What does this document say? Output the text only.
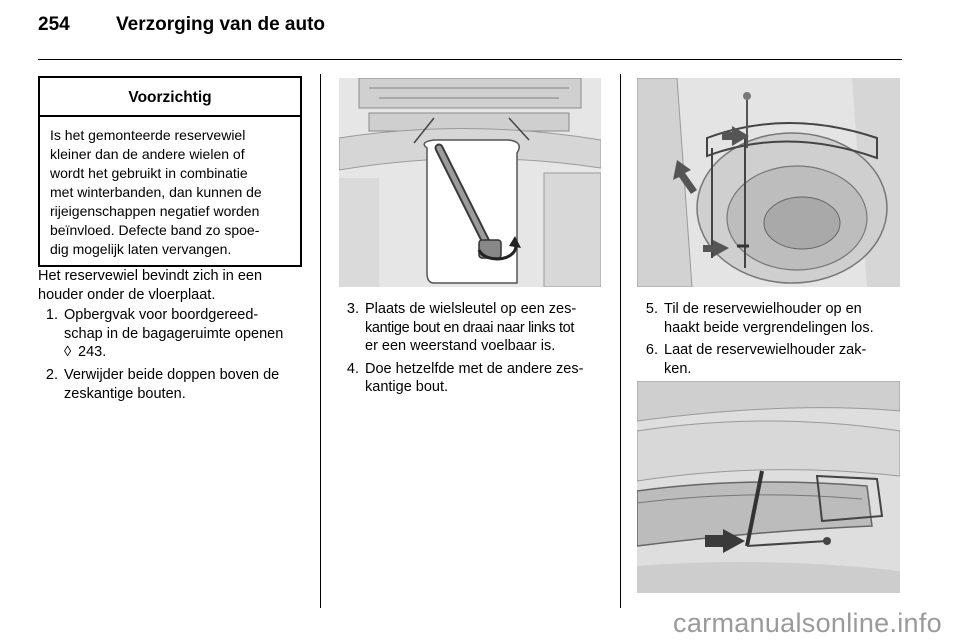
254	Verzorging van de auto
Voorzichtig

Is het gemonteerde reservewiel

kleiner dan de andere wielen of

wordt het gebruikt in combinatie

met winterbanden, dan kunnen de

rijeigenschappen negatief worden

beïnvloed. Defecte band zo spoe-

dig mogelijk laten vervangen.

Het reservewiel bevindt zich in een
houder onder de vloerplaat.
1. Opbergvak voor boordgereed-
schap in de bagageruimte openen
◊ 243.
2. Verwijder beide doppen boven de
zeskantige bouten.
3. Plaats de wielsleutel op een zes-
kantige bout en draai naar links tot
er een weerstand voelbaar is.
4. Doe hetzelfde met de andere zes-
kantige bout.
5. Til de reservewielhouder op en
haakt beide vergrendelingen los.
6. Laat de reservewielhouder zak-
ken.
carmanualsonline.info
